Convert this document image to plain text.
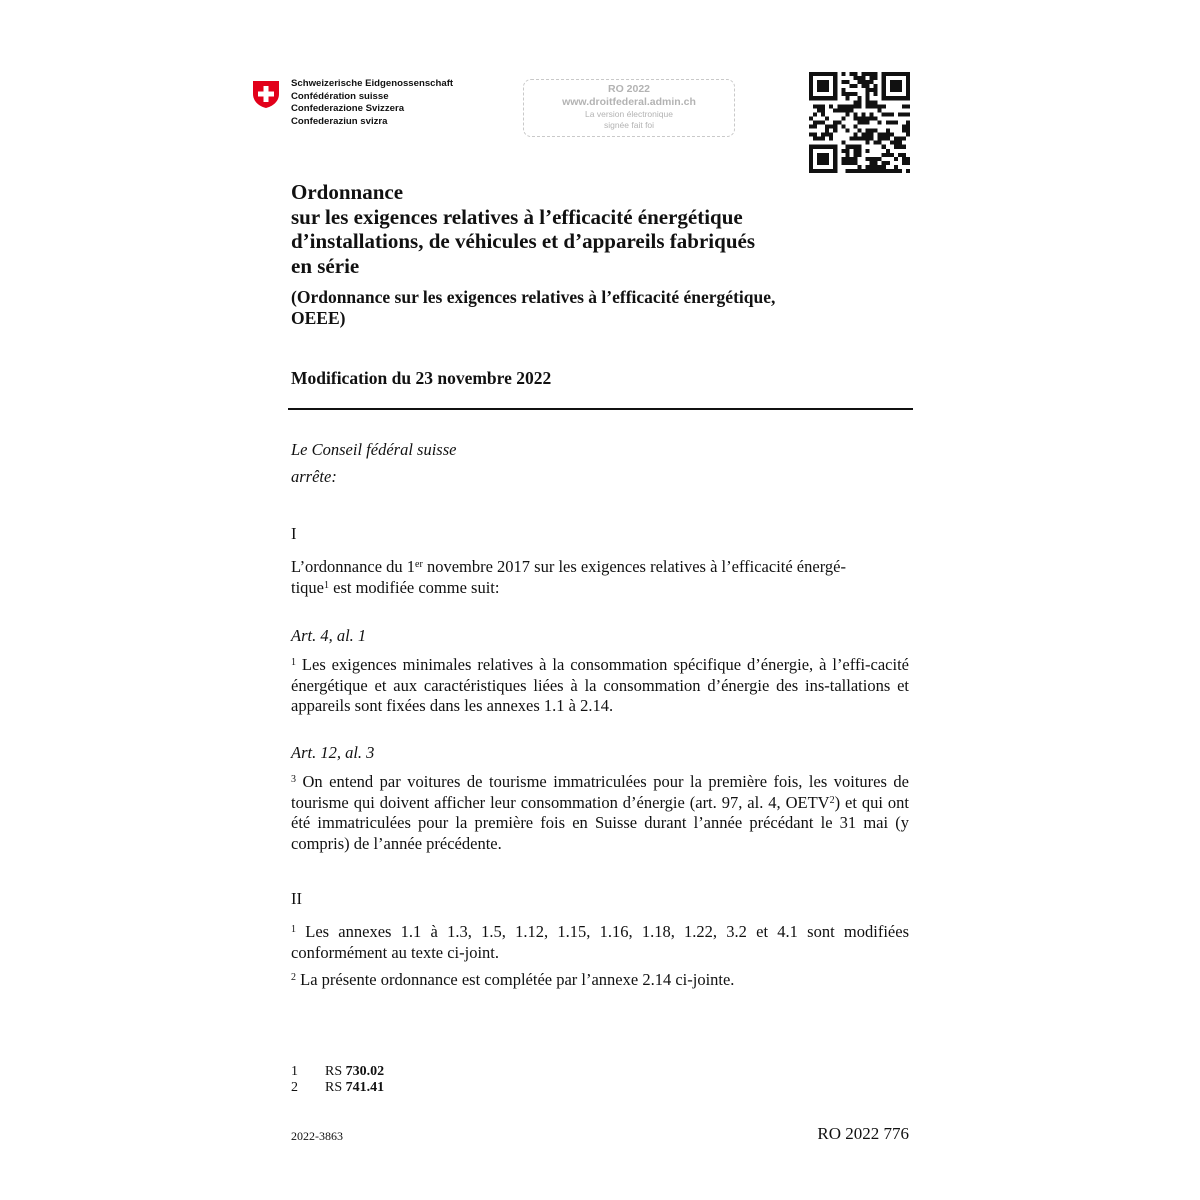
Schweizerische Eidgenossenschaft
Confédération suisse
Confederazione Svizzera
Confederaziun svizra
RO 2022
www.droitfederal.admin.ch
La version électronique
signée fait foi
Ordonnance
sur les exigences relatives à l’efficacité énergétique
d’installations, de véhicules et d’appareils fabriqués
en série
(Ordonnance sur les exigences relatives à l’efficacité énergétique,
OEEE)
Modification du 23 novembre 2022
Le Conseil fédéral suisse
arrête:
I
L’ordonnance du 1er novembre 2017 sur les exigences relatives à l’efficacité énergé-
tique$^1$ est modifiée comme suit:
Art. 4, al. 1
$^1$ Les exigences minimales relatives à la consommation spécifique d’énergie, à l’effi-cacité énergétique et aux caractéristiques liées à la consommation d’énergie des ins-tallations et appareils sont fixées dans les annexes 1.1 à 2.14.
Art. 12, al. 3
$^3$ On entend par voitures de tourisme immatriculées pour la première fois, les voitures de tourisme qui doivent afficher leur consommation d’énergie (art. 97, al. 4, OETV$^2$) et qui ont été immatriculées pour la première fois en Suisse durant l’année précédant le 31 mai (y compris) de l’année précédente.
II
$^1$ Les annexes 1.1 à 1.3, 1.5, 1.12, 1.15, 1.16, 1.18, 1.22, 3.2 et 4.1 sont modifiées conformément au texte ci-joint.
$^2$ La présente ordonnance est complétée par l’annexe 2.14 ci-jointe.
1 RS 730.02
2 RS 741.41
2022-3863	RO 2022 776
